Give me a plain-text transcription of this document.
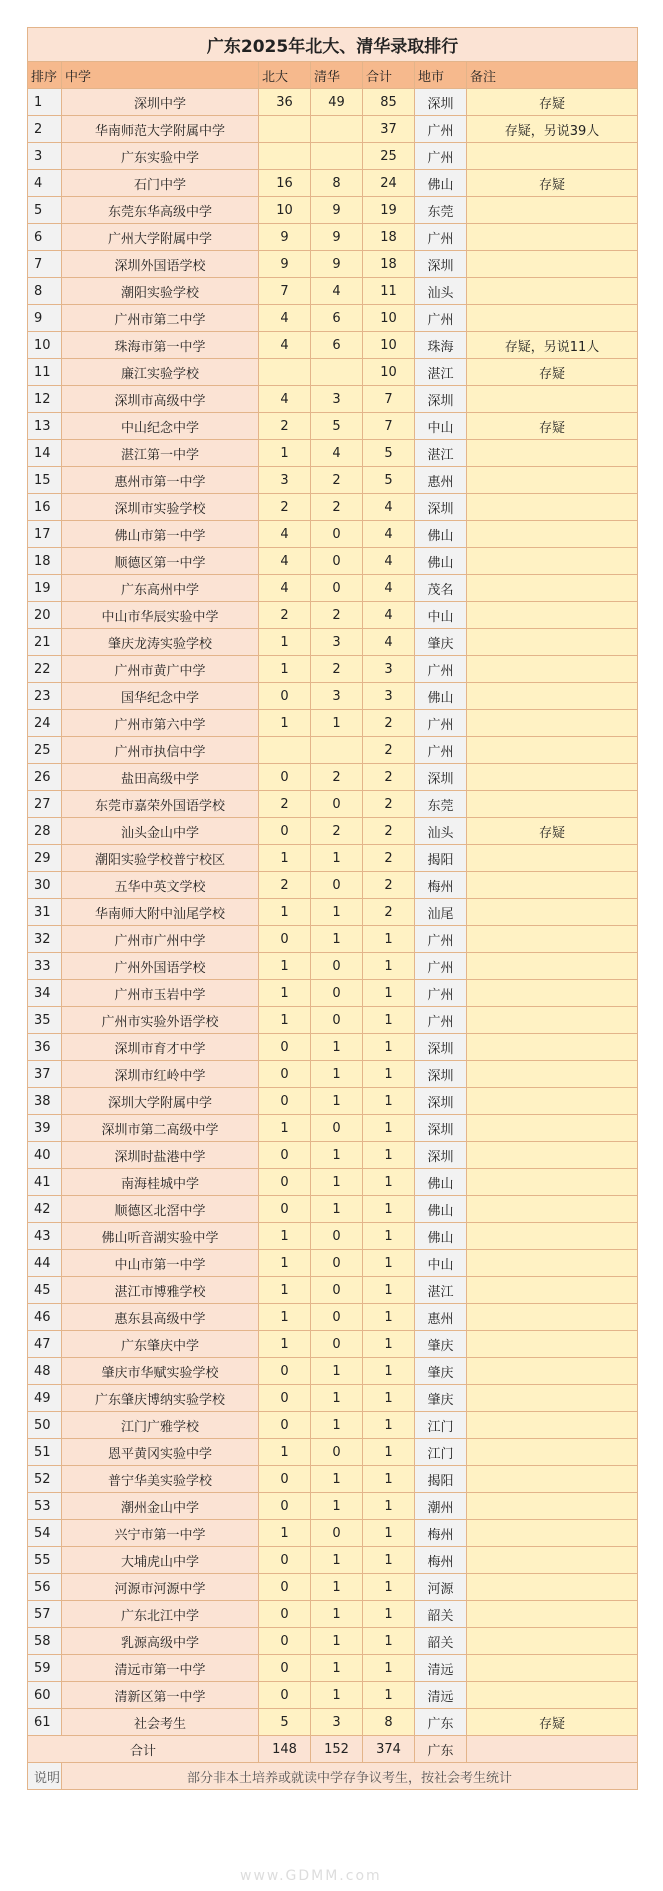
广东2025年北大、清华录取排行						
排序	中学	北大	清华	合计	地市	备注
1	深圳中学	36	49	85	深圳	存疑
2	华南师范大学附属中学			37	广州	存疑，另说39人
3	广东实验中学			25	广州	
4	石门中学	16	8	24	佛山	存疑
5	东莞东华高级中学	10	9	19	东莞	
6	广州大学附属中学	9	9	18	广州	
7	深圳外国语学校	9	9	18	深圳	
8	潮阳实验学校	7	4	11	汕头	
9	广州市第二中学	4	6	10	广州	
10	珠海市第一中学	4	6	10	珠海	存疑，另说11人
11	廉江实验学校			10	湛江	存疑
12	深圳市高级中学	4	3	7	深圳	
13	中山纪念中学	2	5	7	中山	存疑
14	湛江第一中学	1	4	5	湛江	
15	惠州市第一中学	3	2	5	惠州	
16	深圳市实验学校	2	2	4	深圳	
17	佛山市第一中学	4	0	4	佛山	
18	顺德区第一中学	4	0	4	佛山	
19	广东高州中学	4	0	4	茂名	
20	中山市华辰实验中学	2	2	4	中山	
21	肇庆龙涛实验学校	1	3	4	肇庆	
22	广州市黄广中学	1	2	3	广州	
23	国华纪念中学	0	3	3	佛山	
24	广州市第六中学	1	1	2	广州	
25	广州市执信中学			2	广州	
26	盐田高级中学	0	2	2	深圳	
27	东莞市嘉荣外国语学校	2	0	2	东莞	
28	汕头金山中学	0	2	2	汕头	存疑
29	潮阳实验学校普宁校区	1	1	2	揭阳	
30	五华中英文学校	2	0	2	梅州	
31	华南师大附中汕尾学校	1	1	2	汕尾	
32	广州市广州中学	0	1	1	广州	
33	广州外国语学校	1	0	1	广州	
34	广州市玉岩中学	1	0	1	广州	
35	广州市实验外语学校	1	0	1	广州	
36	深圳市育才中学	0	1	1	深圳	
37	深圳市红岭中学	0	1	1	深圳	
38	深圳大学附属中学	0	1	1	深圳	
39	深圳市第二高级中学	1	0	1	深圳	
40	深圳时盐港中学	0	1	1	深圳	
41	南海桂城中学	0	1	1	佛山	
42	顺德区北滘中学	0	1	1	佛山	
43	佛山听音湖实验中学	1	0	1	佛山	
44	中山市第一中学	1	0	1	中山	
45	湛江市博雅学校	1	0	1	湛江	
46	惠东县高级中学	1	0	1	惠州	
47	广东肇庆中学	1	0	1	肇庆	
48	肇庆市华赋实验学校	0	1	1	肇庆	
49	广东肇庆博纳实验学校	0	1	1	肇庆	
50	江门广雅学校	0	1	1	江门	
51	恩平黄冈实验中学	1	0	1	江门	
52	普宁华美实验学校	0	1	1	揭阳	
53	潮州金山中学	0	1	1	潮州	
54	兴宁市第一中学	1	0	1	梅州	
55	大埔虎山中学	0	1	1	梅州	
56	河源市河源中学	0	1	1	河源	
57	广东北江中学	0	1	1	韶关	
58	乳源高级中学	0	1	1	韶关	
59	清远市第一中学	0	1	1	清远	
60	清新区第一中学	0	1	1	清远	
61	社会考生	5	3	8	广东	存疑
合计		148	152	374	广东	
说明	部分非本土培养或就读中学存争议考生，按社会考生统计					
www.GDMM.com
